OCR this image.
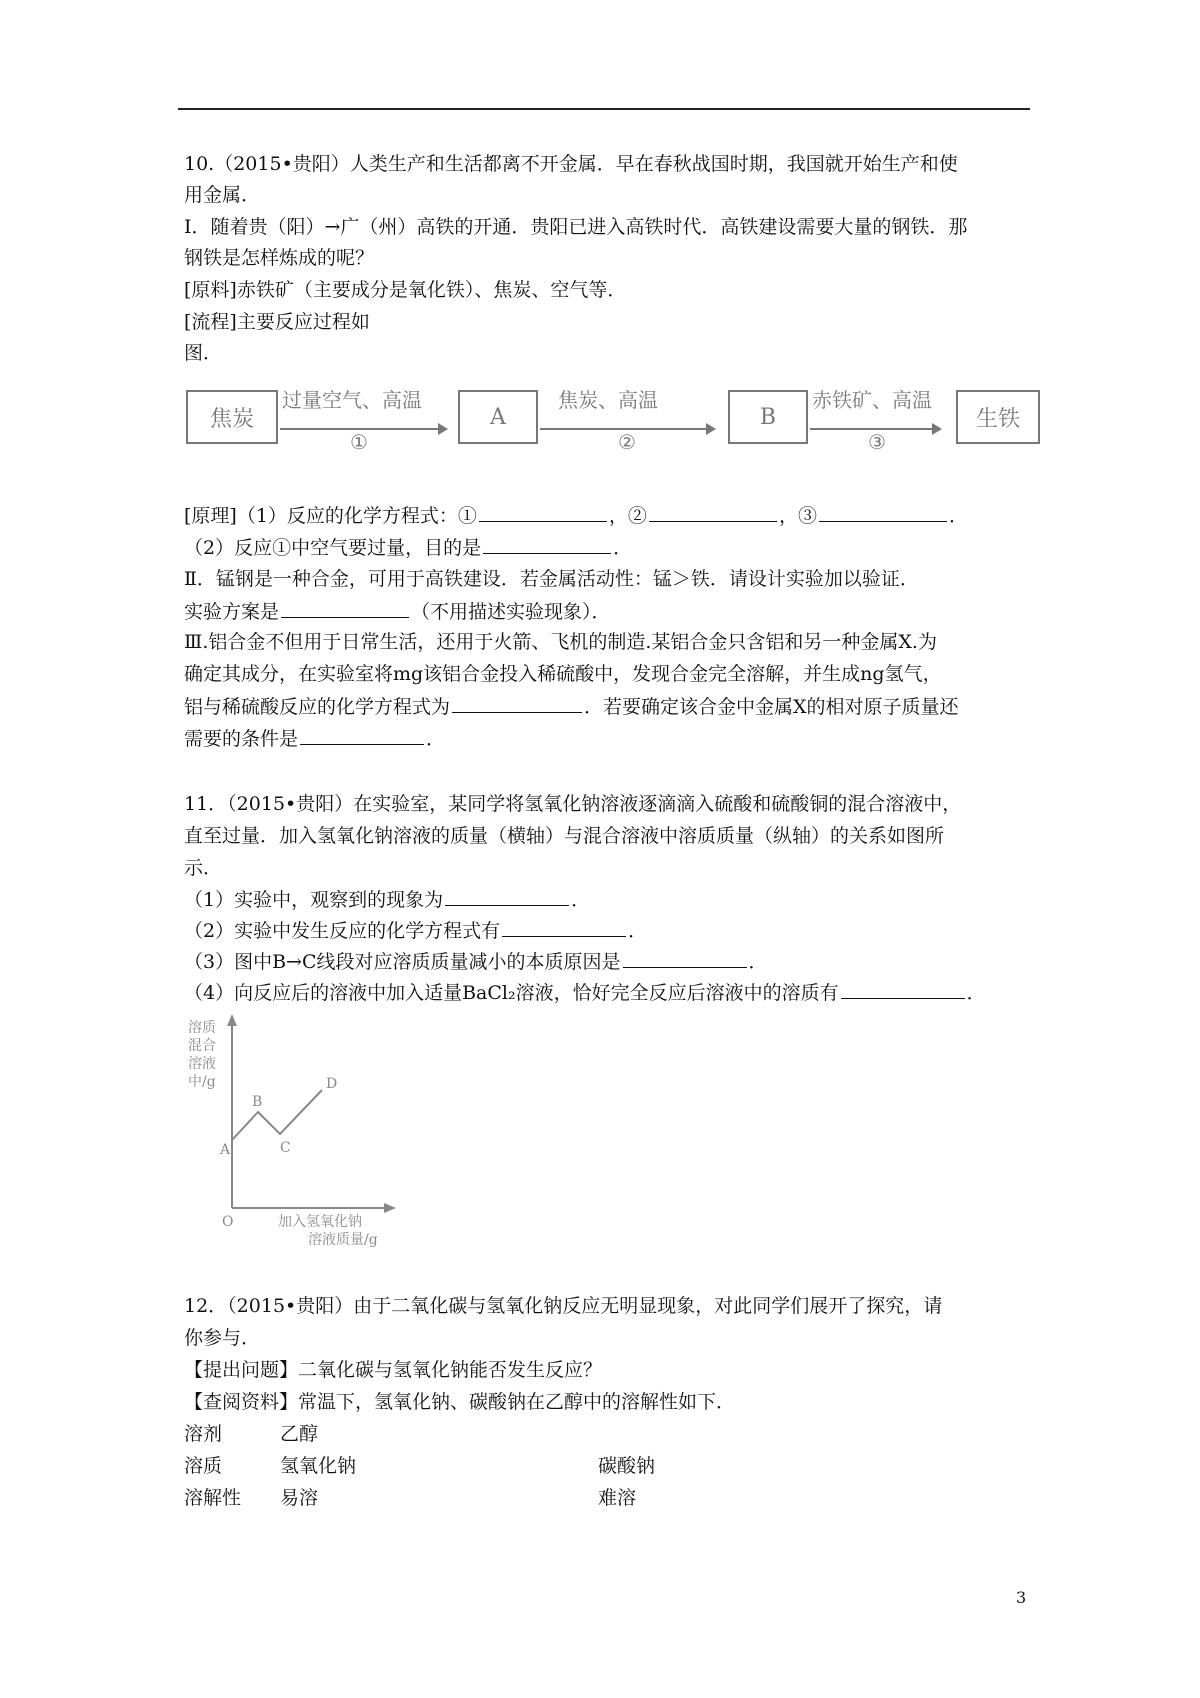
10.（2015•贵阳）人类生产和生活都离不开金属．早在春秋战国时期，我国就开始生产和使
用金属．
Ⅰ．随着贵（阳）→广（州）高铁的开通．贵阳已进入高铁时代．高铁建设需要大量的钢铁．那
钢铁是怎样炼成的呢？
[原料]赤铁矿（主要成分是氧化铁）、焦炭、空气等．
[流程]主要反应过程如
图．
焦炭
过量空气、高温
①
A
焦炭、高温
②
B
赤铁矿、高温
③
生铁
[原理]（1）反应的化学方程式：①	，②	，③	．
（2）反应①中空气要过量，目的是	．
Ⅱ．锰钢是一种合金，可用于高铁建设．若金属活动性：锰＞铁．请设计实验加以验证．
实验方案是	（不用描述实验现象）．
Ⅲ.铝合金不但用于日常生活，还用于火箭、飞机的制造.某铝合金只含铝和另一种金属X.为
确定其成分，在实验室将mg该铝合金投入稀硫酸中，发现合金完全溶解，并生成ng氢气，
铝与稀硫酸反应的化学方程式为	．若要确定该合金中金属X的相对原子质量还
需要的条件是	．
11．（2015•贵阳）在实验室，某同学将氢氧化钠溶液逐滴滴入硫酸和硫酸铜的混合溶液中，
直至过量．加入氢氧化钠溶液的质量（横轴）与混合溶液中溶质质量（纵轴）的关系如图所
示．
（1）实验中，观察到的现象为	．
（2）实验中发生反应的化学方程式有	．
（3）图中B→C线段对应溶质质量减小的本质原因是	．
（4）向反应后的溶液中加入适量BaCl₂溶液，恰好完全反应后溶液中的溶质有	．
溶质
混合
溶液
中/g
A
B
C
D
O	加入氢氧化钠
溶液质量/g
12．（2015•贵阳）由于二氧化碳与氢氧化钠反应无明显现象，对此同学们展开了探究，请
你参与．
【提出问题】二氧化碳与氢氧化钠能否发生反应？
【查阅资料】常温下，氢氧化钠、碳酸钠在乙醇中的溶解性如下．
溶剂	乙醇
溶质	氢氧化钠	碳酸钠
溶解性 易溶	难溶
3
